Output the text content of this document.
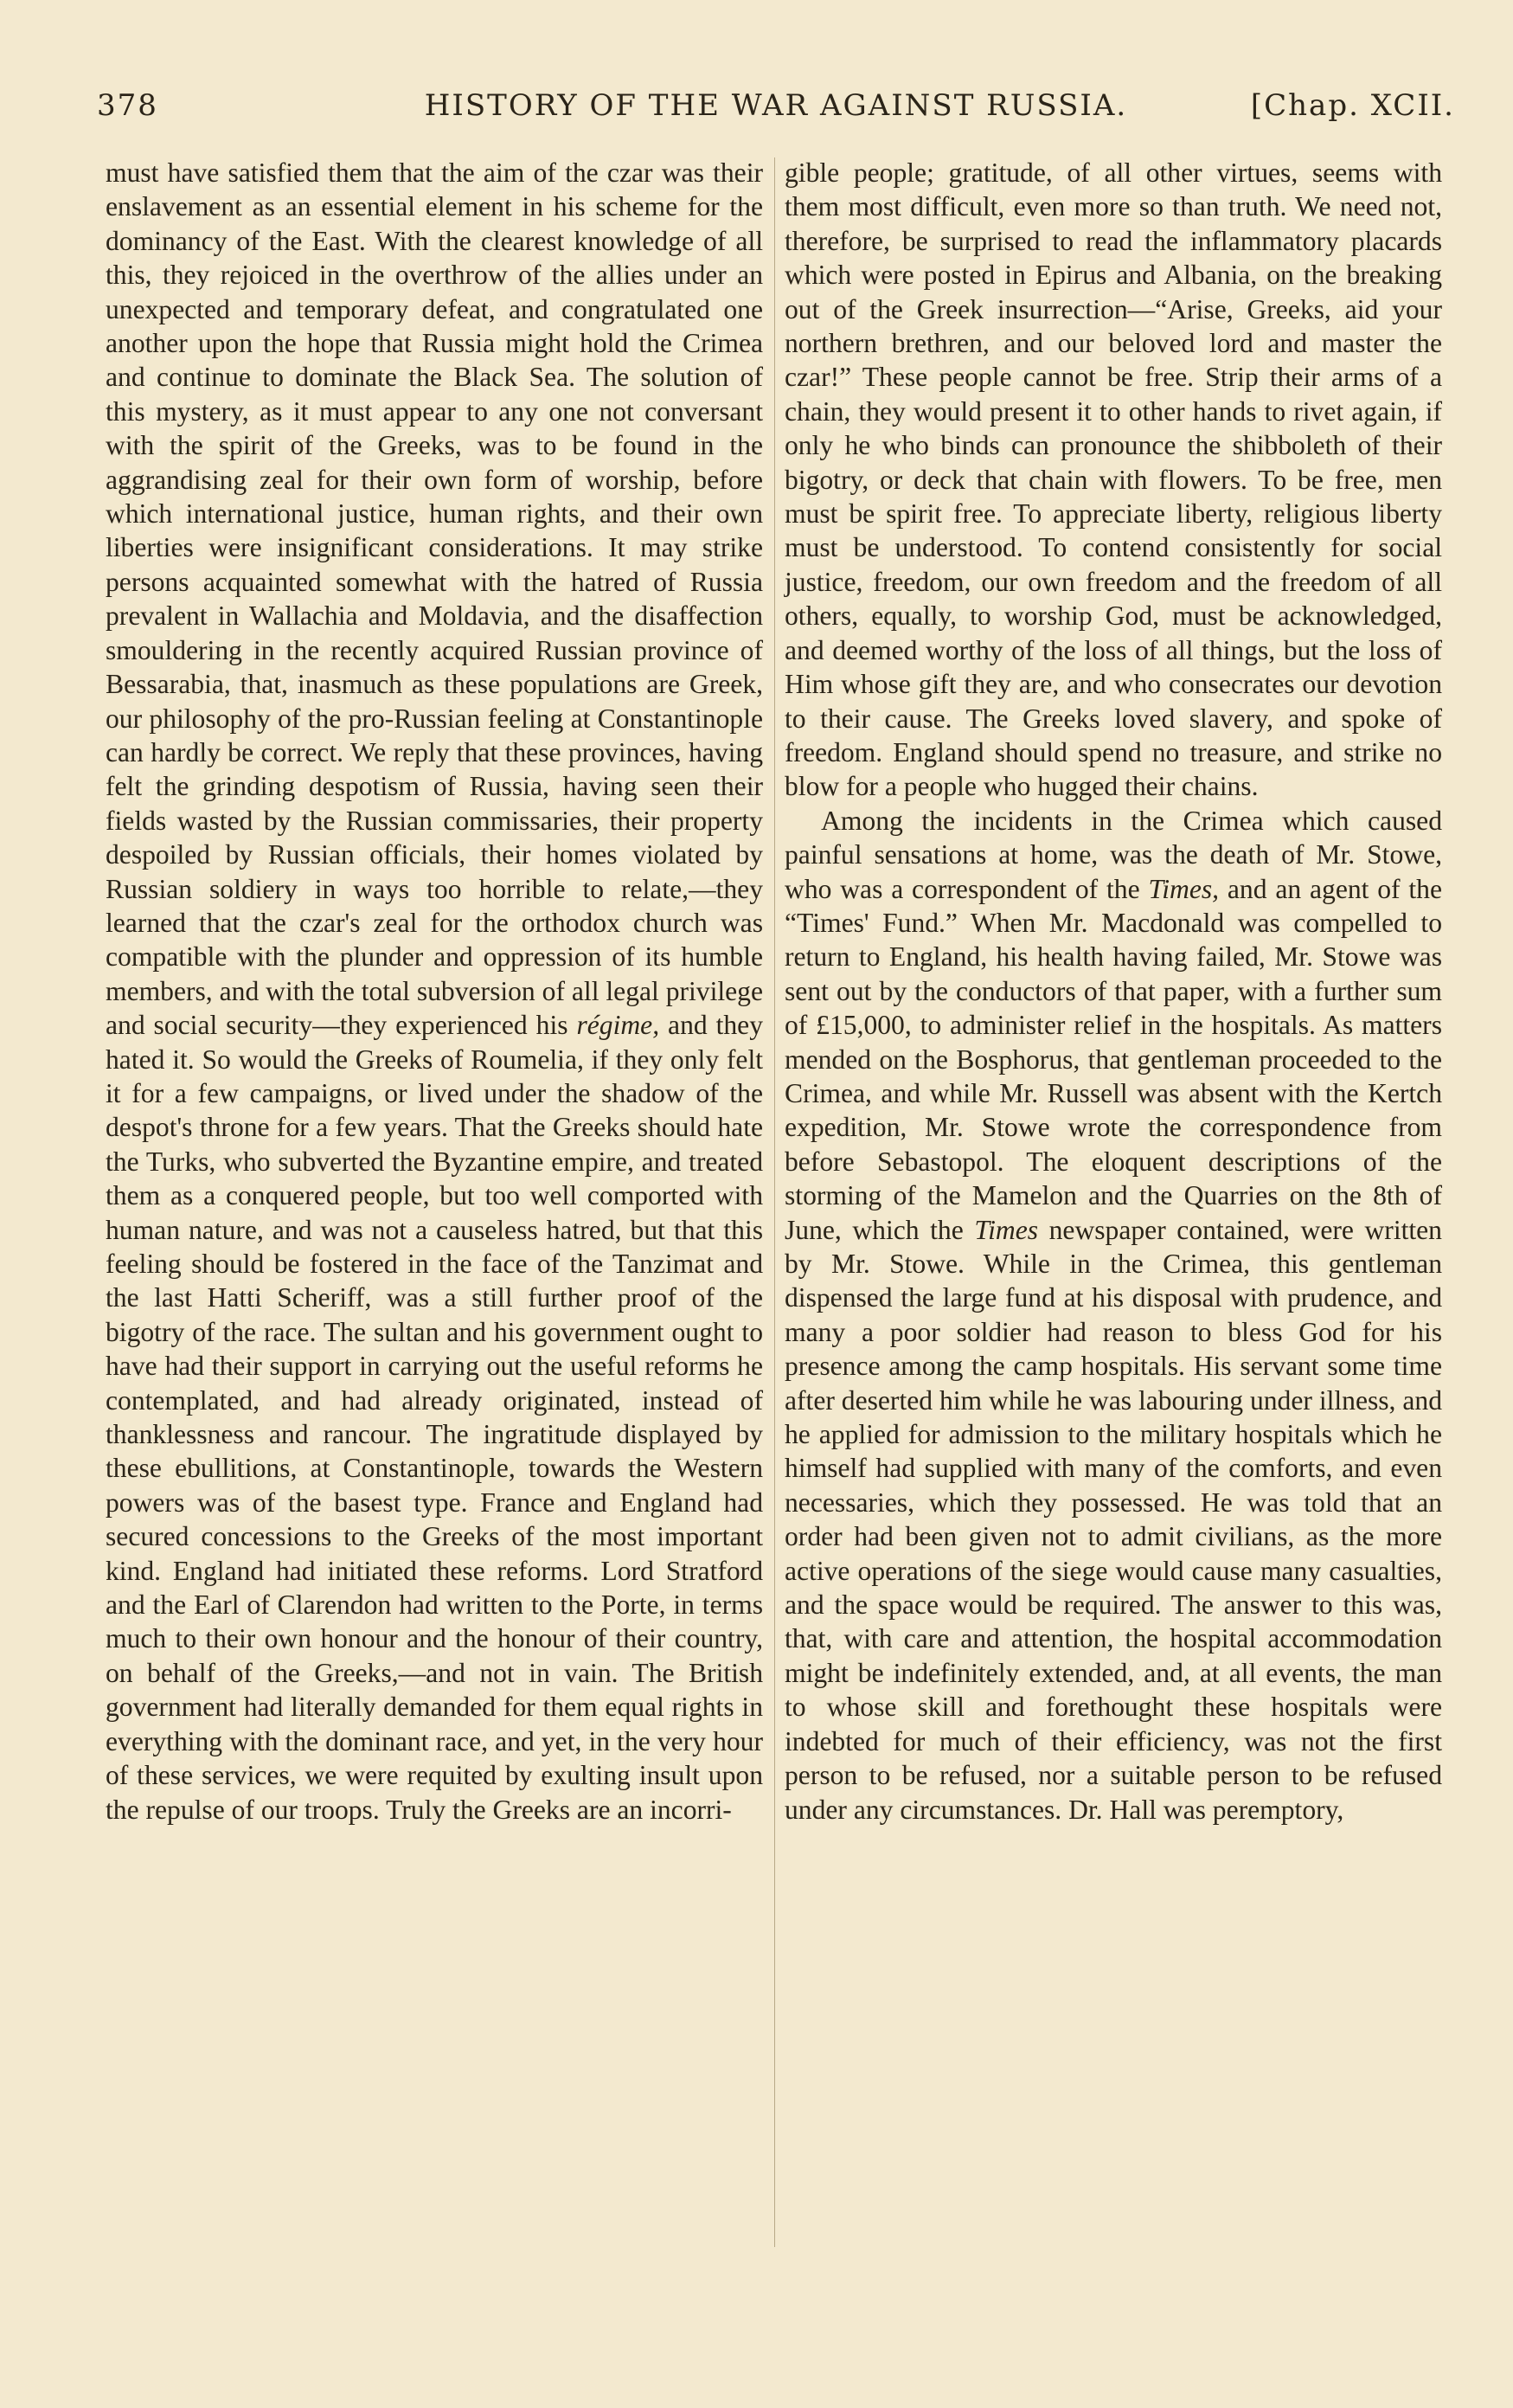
378	HISTORY OF THE WAR AGAINST RUSSIA.	[Chap. XCII.

must have satisfied them that the aim of the czar was their enslavement as an essential element in his scheme for the dominancy of the East. With the clearest knowledge of all this, they rejoiced in the overthrow of the allies under an unexpected and temporary defeat, and congratulated one another upon the hope that Russia might hold the Crimea and continue to dominate the Black Sea. The solution of this mystery, as it must appear to any one not conversant with the spirit of the Greeks, was to be found in the aggrandising zeal for their own form of worship, before which international justice, human rights, and their own liberties were insignificant considerations. It may strike persons acquainted somewhat with the hatred of Russia prevalent in Wallachia and Moldavia, and the disaffection smouldering in the recently acquired Russian province of Bessarabia, that, inasmuch as these populations are Greek, our philosophy of the pro-Russian feeling at Constantinople can hardly be correct. We reply that these provinces, having felt the grinding despotism of Russia, having seen their fields wasted by the Russian commissaries, their property despoiled by Russian officials, their homes violated by Russian soldiery in ways too horrible to relate,—they learned that the czar's zeal for the orthodox church was compatible with the plunder and oppression of its humble members, and with the total subversion of all legal privilege and social security—they experienced his régime, and they hated it. So would the Greeks of Roumelia, if they only felt it for a few campaigns, or lived under the shadow of the despot's throne for a few years. That the Greeks should hate the Turks, who subverted the Byzantine empire, and treated them as a conquered people, but too well comported with human nature, and was not a causeless hatred, but that this feeling should be fostered in the face of the Tanzimat and the last Hatti Scheriff, was a still further proof of the bigotry of the race. The sultan and his government ought to have had their support in carrying out the useful reforms he contemplated, and had already originated, instead of thanklessness and rancour. The ingratitude displayed by these ebullitions, at Constantinople, towards the Western powers was of the basest type. France and England had secured concessions to the Greeks of the most important kind. England had initiated these reforms. Lord Stratford and the Earl of Clarendon had written to the Porte, in terms much to their own honour and the honour of their country, on behalf of the Greeks,—and not in vain. The British government had literally demanded for them equal rights in everything with the dominant race, and yet, in the very hour of these services, we were requited by exulting insult upon the repulse of our troops. Truly the Greeks are an incorri-

gible people; gratitude, of all other virtues, seems with them most difficult, even more so than truth. We need not, therefore, be surprised to read the inflammatory placards which were posted in Epirus and Albania, on the breaking out of the Greek insurrection—“Arise, Greeks, aid your northern brethren, and our beloved lord and master the czar!” These people cannot be free. Strip their arms of a chain, they would present it to other hands to rivet again, if only he who binds can pronounce the shibboleth of their bigotry, or deck that chain with flowers. To be free, men must be spirit free. To appreciate liberty, religious liberty must be understood. To contend consistently for social justice, freedom, our own freedom and the freedom of all others, equally, to worship God, must be acknowledged, and deemed worthy of the loss of all things, but the loss of Him whose gift they are, and who consecrates our devotion to their cause. The Greeks loved slavery, and spoke of freedom. England should spend no treasure, and strike no blow for a people who hugged their chains.

Among the incidents in the Crimea which caused painful sensations at home, was the death of Mr. Stowe, who was a correspondent of the Times, and an agent of the “Times' Fund.” When Mr. Macdonald was compelled to return to England, his health having failed, Mr. Stowe was sent out by the conductors of that paper, with a further sum of £15,000, to administer relief in the hospitals. As matters mended on the Bosphorus, that gentleman proceeded to the Crimea, and while Mr. Russell was absent with the Kertch expedition, Mr. Stowe wrote the correspondence from before Sebastopol. The eloquent descriptions of the storming of the Mamelon and the Quarries on the 8th of June, which the Times newspaper contained, were written by Mr. Stowe. While in the Crimea, this gentleman dispensed the large fund at his disposal with prudence, and many a poor soldier had reason to bless God for his presence among the camp hospitals. His servant some time after deserted him while he was labouring under illness, and he applied for admission to the military hospitals which he himself had supplied with many of the comforts, and even necessaries, which they possessed. He was told that an order had been given not to admit civilians, as the more active operations of the siege would cause many casualties, and the space would be required. The answer to this was, that, with care and attention, the hospital accommodation might be indefinitely extended, and, at all events, the man to whose skill and forethought these hospitals were indebted for much of their efficiency, was not the first person to be refused, nor a suitable person to be refused under any circumstances. Dr. Hall was peremptory,
